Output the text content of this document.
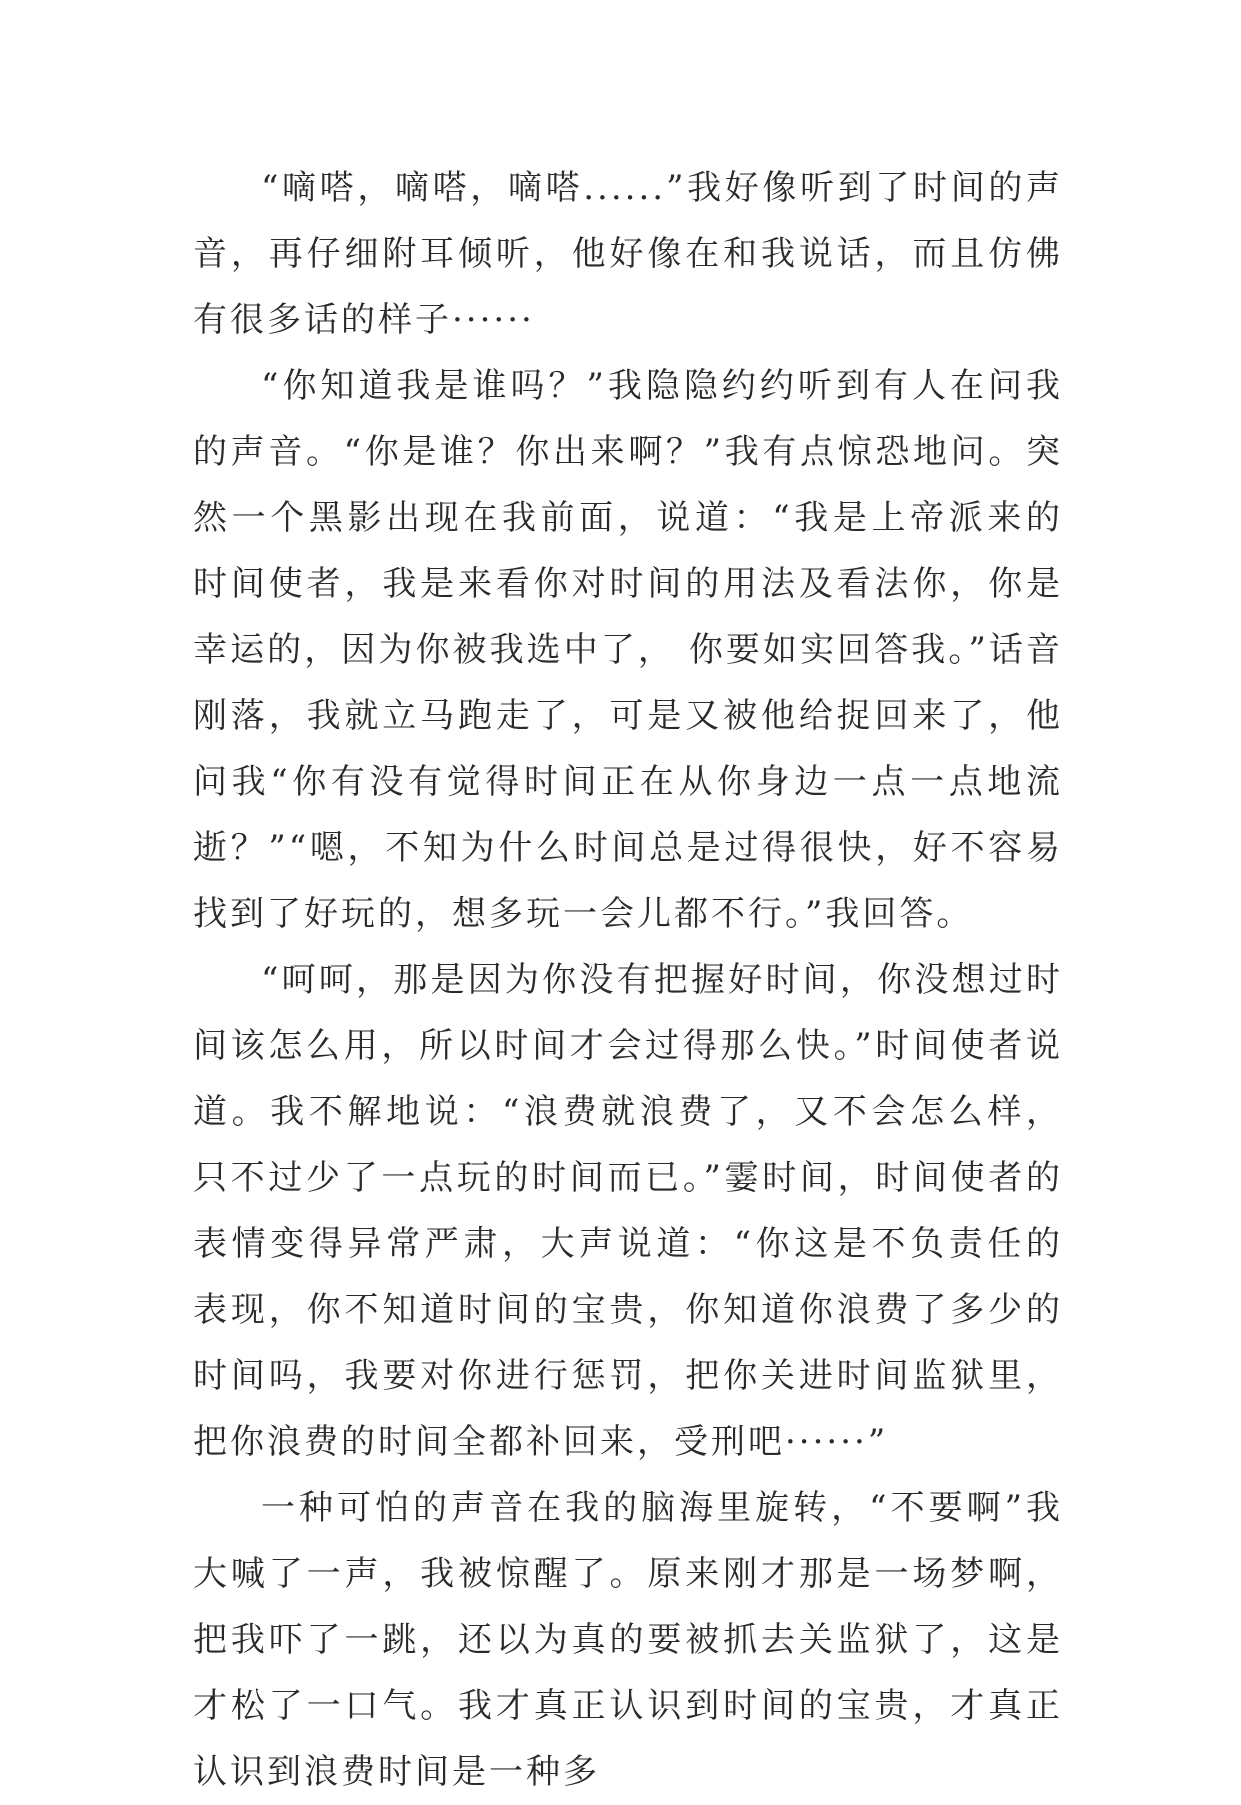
“嘀嗒，嘀嗒，嘀嗒......”我好像听到了时间的声音，再仔细附耳倾听，他好像在和我说话，而且仿佛有很多话的样子······

“你知道我是谁吗？”我隐隐约约听到有人在问我的声音。“你是谁？你出来啊？”我有点惊恐地问。突然一个黑影出现在我前面，说道：“我是上帝派来的时间使者，我是来看你对时间的用法及看法你，你是幸运的，因为你被我选中了， 你要如实回答我。”话音刚落，我就立马跑走了，可是又被他给捉回来了，他问我“你有没有觉得时间正在从你身边一点一点地流逝？”“嗯，不知为什么时间总是过得很快，好不容易找到了好玩的，想多玩一会儿都不行。”我回答。

“呵呵，那是因为你没有把握好时间，你没想过时间该怎么用，所以时间才会过得那么快。”时间使者说道。我不解地说：“浪费就浪费了，又不会怎么样，只不过少了一点玩的时间而已。”霎时间，时间使者的表情变得异常严肃，大声说道：“你这是不负责任的表现，你不知道时间的宝贵，你知道你浪费了多少的时间吗，我要对你进行惩罚，把你关进时间监狱里，把你浪费的时间全都补回来，受刑吧······”

一种可怕的声音在我的脑海里旋转，“不要啊”我大喊了一声，我被惊醒了。原来刚才那是一场梦啊，把我吓了一跳，还以为真的要被抓去关监狱了，这是才松了一口气。我才真正认识到时间的宝贵，才真正认识到浪费时间是一种多
